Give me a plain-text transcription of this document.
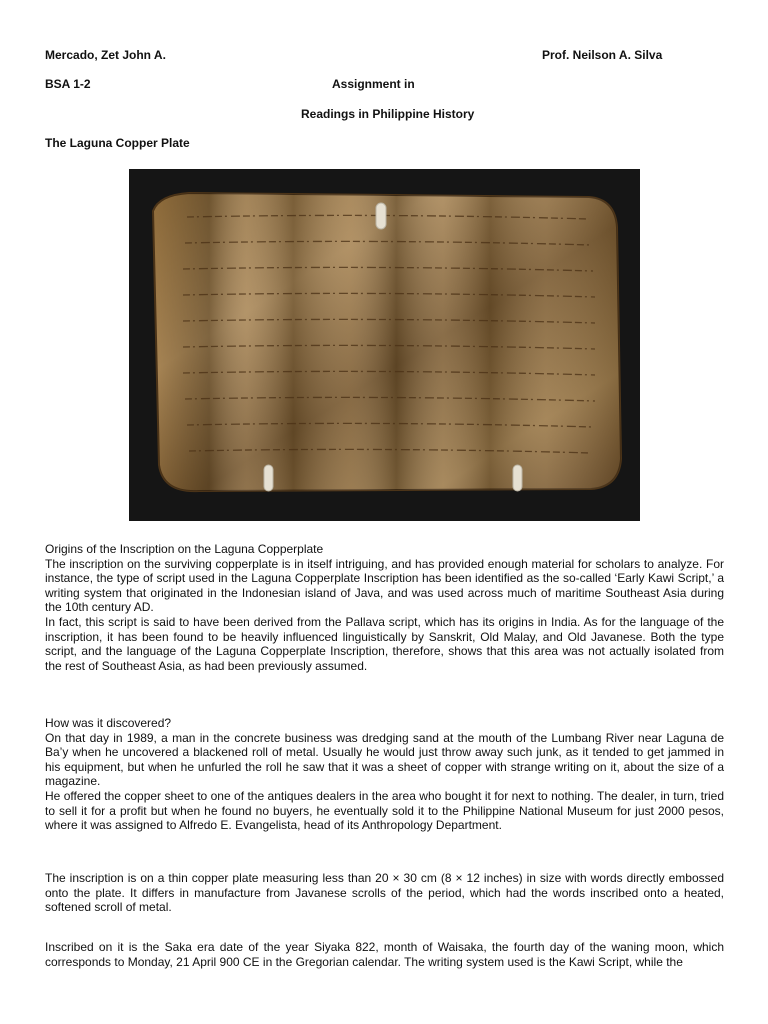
Mercado, Zet John A.	Prof. Neilson A. Silva
BSA 1-2	Assignment in
Readings in Philippine History
The Laguna Copper Plate

Origins of the Inscription on the Laguna Copperplate

The inscription on the surviving copperplate is in itself intriguing, and has provided enough material for scholars to analyze. For instance, the type of script used in the Laguna Copperplate Inscription has been identified as the so-called ‘Early Kawi Script,’ a writing system that originated in the Indonesian island of Java, and was used across much of maritime Southeast Asia during the 10th century AD.

In fact, this script is said to have been derived from the Pallava script, which has its origins in India. As for the language of the inscription, it has been found to be heavily influenced linguistically by Sanskrit, Old Malay, and Old Javanese. Both the type script, and the language of the Laguna Copperplate Inscription, therefore, shows that this area was not actually isolated from the rest of Southeast Asia, as had been previously assumed.

How was it discovered?

On that day in 1989, a man in the concrete business was dredging sand at the mouth of the Lumbang River near Laguna de Ba’y when he uncovered a blackened roll of metal. Usually he would just throw away such junk, as it tended to get jammed in his equipment, but when he unfurled the roll he saw that it was a sheet of copper with strange writing on it, about the size of a magazine.

He offered the copper sheet to one of the antiques dealers in the area who bought it for next to nothing. The dealer, in turn, tried to sell it for a profit but when he found no buyers, he eventually sold it to the Philippine National Museum for just 2000 pesos, where it was assigned to Alfredo E. Evangelista, head of its Anthropology Department.

The inscription is on a thin copper plate measuring less than 20 × 30 cm (8 × 12 inches) in size with words directly embossed onto the plate. It differs in manufacture from Javanese scrolls of the period, which had the words inscribed onto a heated, softened scroll of metal.

Inscribed on it is the Saka era date of the year Siyaka 822, month of Waisaka, the fourth day of the waning moon, which corresponds to Monday, 21 April 900 CE in the Gregorian calendar. The writing system used is the Kawi Script, while the
